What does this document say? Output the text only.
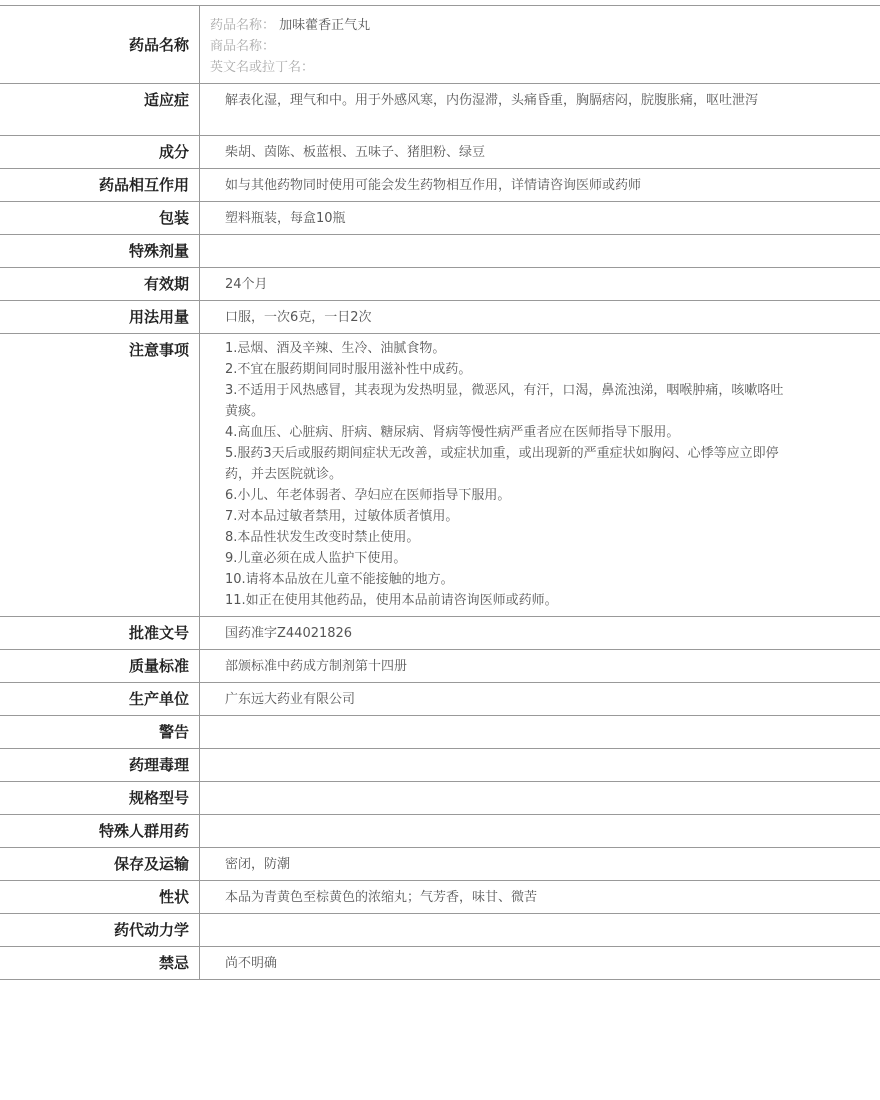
药品名称
药品名称： 加味藿香正气丸
商品名称：
英文名或拉丁名：
适应症	解表化湿，理气和中。用于外感风寒，内伤湿滞，头痛昏重，胸膈痞闷，脘腹胀痛，呕吐泄泻
成分	柴胡、茵陈、板蓝根、五味子、猪胆粉、绿豆
药品相互作用	如与其他药物同时使用可能会发生药物相互作用，详情请咨询医师或药师
包装	塑料瓶装，每盒10瓶
特殊剂量
有效期	24个月
用法用量	口服，一次6克，一日2次
注意事项	1.忌烟、酒及辛辣、生冷、油腻食物。
2.不宜在服药期间同时服用滋补性中成药。
3.不适用于风热感冒，其表现为发热明显，微恶风，有汗，口渴，鼻流浊涕，咽喉肿痛，咳嗽咯吐黄痰。
4.高血压、心脏病、肝病、糖尿病、肾病等慢性病严重者应在医师指导下服用。
5.服药3天后或服药期间症状无改善，或症状加重，或出现新的严重症状如胸闷、心悸等应立即停药，并去医院就诊。
6.小儿、年老体弱者、孕妇应在医师指导下服用。
7.对本品过敏者禁用，过敏体质者慎用。
8.本品性状发生改变时禁止使用。
9.儿童必须在成人监护下使用。
10.请将本品放在儿童不能接触的地方。
11.如正在使用其他药品，使用本品前请咨询医师或药师。
批准文号	国药准字Z44021826
质量标准	部颁标准中药成方制剂第十四册
生产单位	广东远大药业有限公司
警告
药理毒理
规格型号
特殊人群用药
保存及运输	密闭，防潮
性状	本品为青黄色至棕黄色的浓缩丸；气芳香，味甘、微苦
药代动力学
禁忌	尚不明确
